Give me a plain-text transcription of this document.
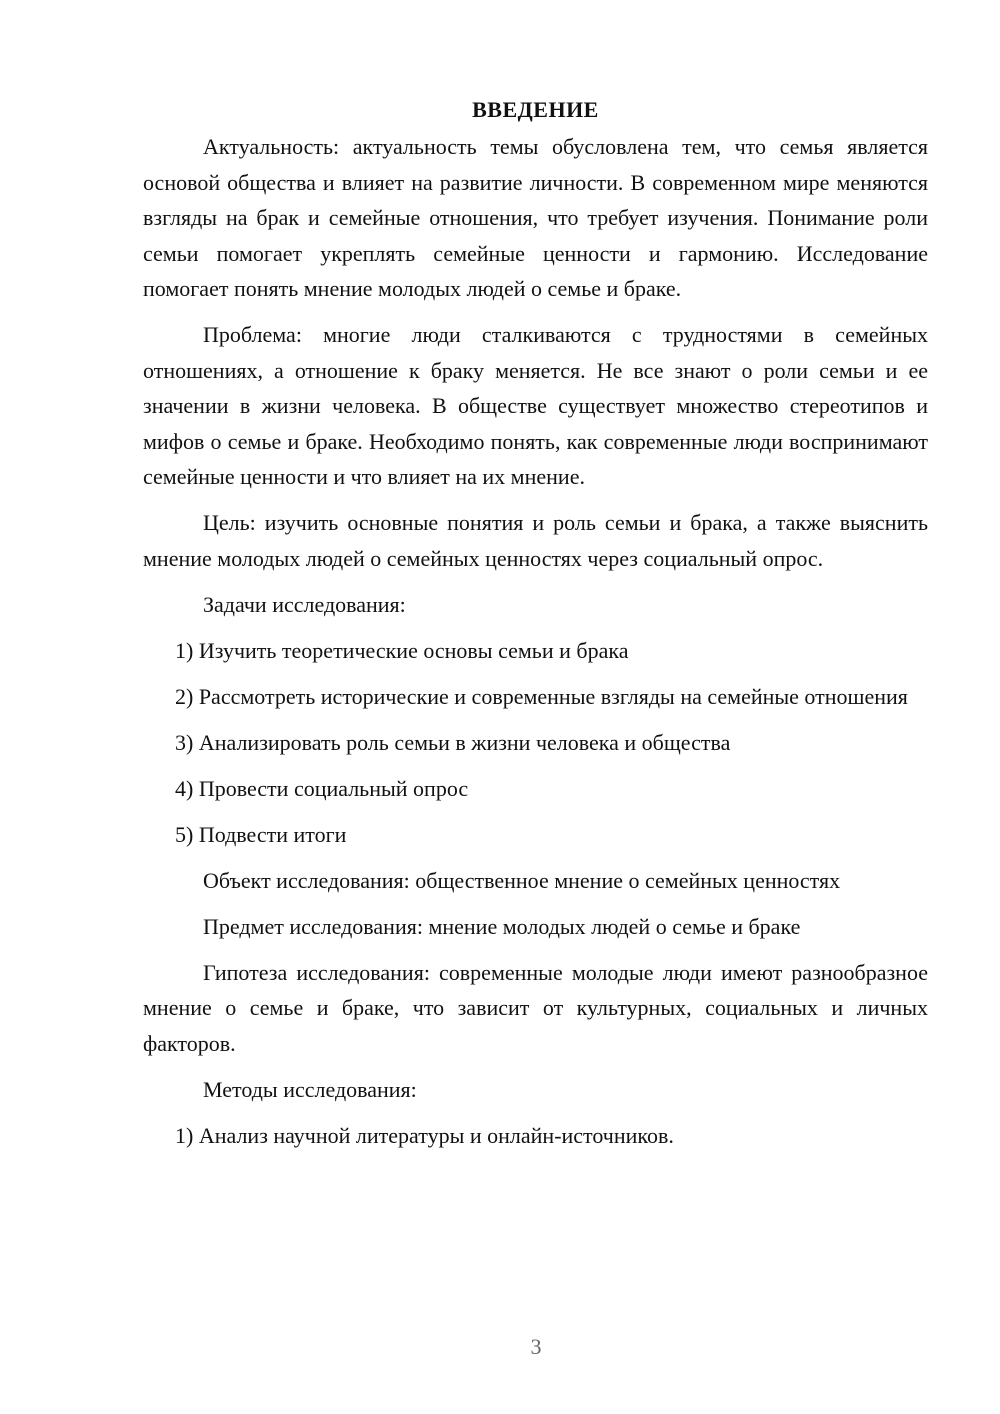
ВВЕДЕНИЕ

Актуальность: актуальность темы обусловлена тем, что семья является основой общества и влияет на развитие личности. В современном мире меняются взгляды на брак и семейные отношения, что требует изучения. Понимание роли семьи помогает укреплять семейные ценности и гармонию. Исследование помогает понять мнение молодых людей о семье и браке.

Проблема: многие люди сталкиваются с трудностями в семейных отношениях, а отношение к браку меняется. Не все знают о роли семьи и ее значении в жизни человека. В обществе существует множество стереотипов и мифов о семье и браке. Необходимо понять, как современные люди воспринимают семейные ценности и что влияет на их мнение.

Цель: изучить основные понятия и роль семьи и брака, а также выяснить мнение молодых людей о семейных ценностях через социальный опрос.

Задачи исследования:

1) Изучить теоретические основы семьи и брака

2) Рассмотреть исторические и современные взгляды на семейные отношения

3) Анализировать роль семьи в жизни человека и общества

4) Провести социальный опрос

5) Подвести итоги

Объект исследования: общественное мнение о семейных ценностях

Предмет исследования: мнение молодых людей о семье и браке

Гипотеза исследования: современные молодые люди имеют разнообразное мнение о семье и браке, что зависит от культурных, социальных и личных факторов.

Методы исследования:

1) Анализ научной литературы и онлайн-источников.

3
